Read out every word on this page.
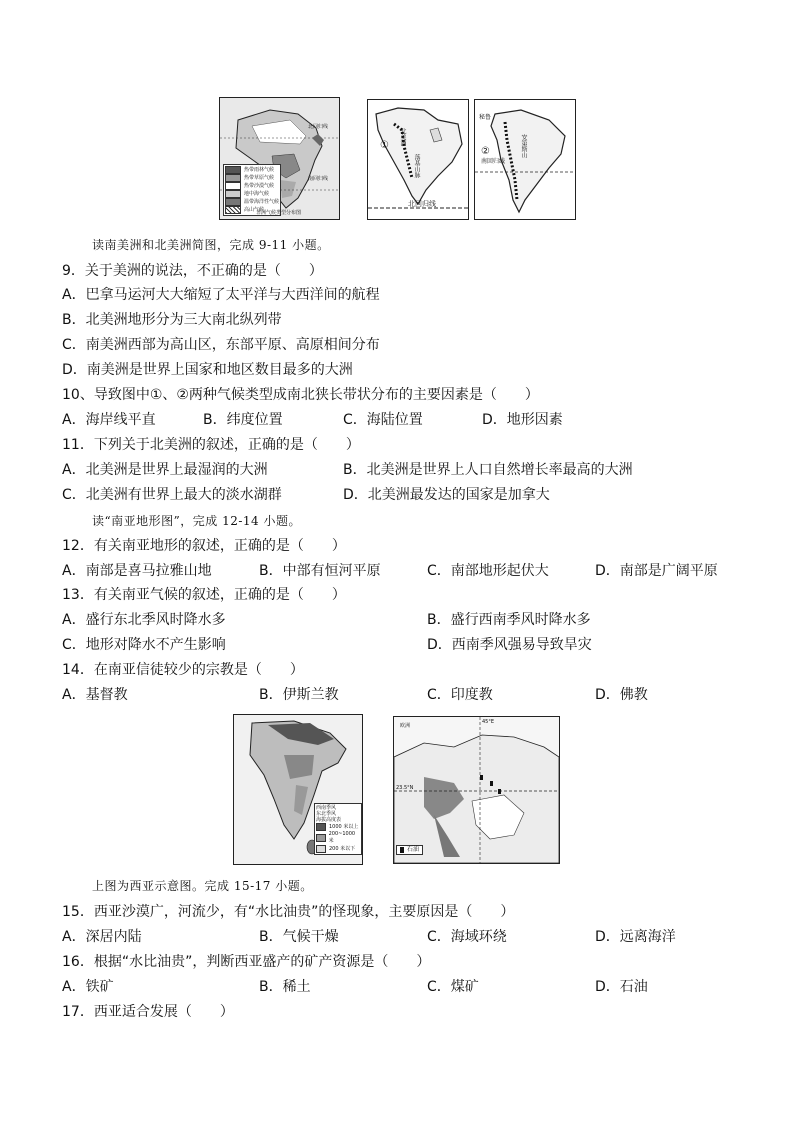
北回归线
南回归线
热带雨林气候
热带草原气候
热带沙漠气候
地中海气候
温带海洋性气候
高山气候
非洲气候类型分布图
① 北美洲
落基山脉
北回归线
秘鲁
②	安第斯山
南回归线
读南美洲和北美洲简图，完成 9-11 小题。
9．关于美洲的说法，不正确的是（　　）
A．巴拿马运河大大缩短了太平洋与大西洋间的航程
B．北美洲地形分为三大南北纵列带
C．南美洲西部为高山区，东部平原、高原相间分布
D．南美洲是世界上国家和地区数目最多的大洲
10、导致图中①、②两种气候类型成南北狭长带状分布的主要因素是（　　）
A．海岸线平直	B．纬度位置	C．海陆位置	D．地形因素
11．下列关于北美洲的叙述，正确的是（　　）
A．北美洲是世界上最湿润的大洲	B．北美洲是世界上人口自然增长率最高的大洲
C．北美洲有世界上最大的淡水湖群	D．北美洲最发达的国家是加拿大
读“南亚地形图”，完成 12-14 小题。
12．有关南亚地形的叙述，正确的是（　　）
A．南部是喜马拉雅山地	B．中部有恒河平原	C．南部地形起伏大	D．南部是广阔平原
13．有关南亚气候的叙述，正确的是（　　）
A．盛行东北季风时降水多	B．盛行西南季风时降水多
C．地形对降水不产生影响	D．西南季风强易导致旱灾
14．在南亚信徒较少的宗教是（　　）
A．基督教	B．伊斯兰教	C．印度教	D．佛教
西南季风
东北季风
海拔高度表
1000 米以上
200~1000 米
200 米以下
欧洲
45°E
23.5°N
石油
上图为西亚示意图。完成 15-17 小题。
15．西亚沙漠广，河流少，有“水比油贵”的怪现象，主要原因是（　　）
A．深居内陆	B．气候干燥	C．海域环绕	D．远离海洋
16．根据“水比油贵”，判断西亚盛产的矿产资源是（　　）
A．铁矿	B．稀土	C．煤矿	D．石油
17．西亚适合发展（　　）
